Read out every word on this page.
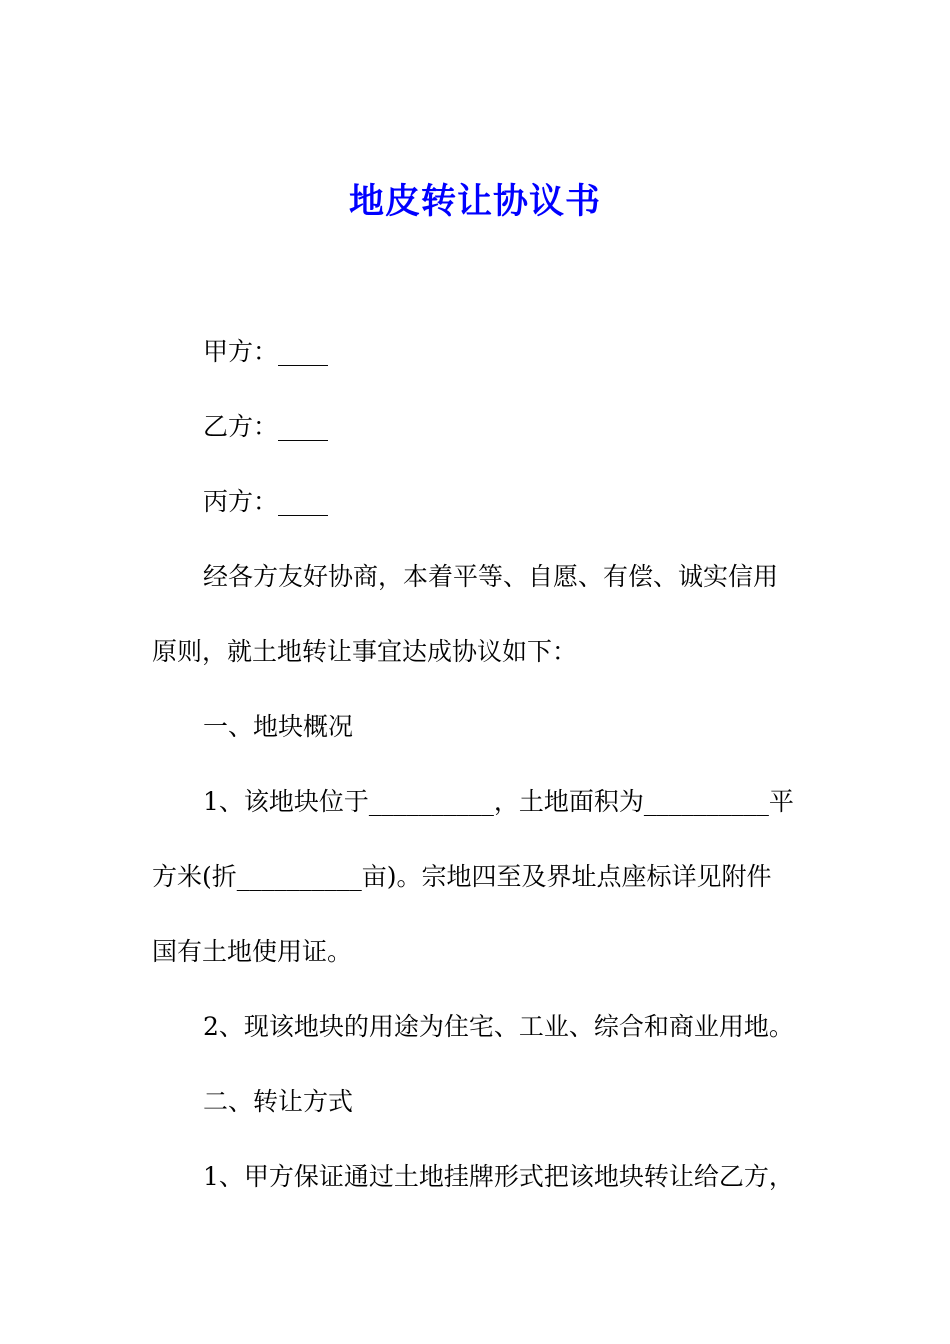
地皮转让协议书
甲方：____
乙方：____
丙方：____
经各方友好协商，本着平等、自愿、有偿、诚实信用
原则，就土地转让事宜达成协议如下：
一、地块概况
1、该地块位于__________，土地面积为__________平
方米(折__________亩)。宗地四至及界址点座标详见附件
国有土地使用证。
2、现该地块的用途为住宅、工业、综合和商业用地。
二、转让方式
1、甲方保证通过土地挂牌形式把该地块转让给乙方，
